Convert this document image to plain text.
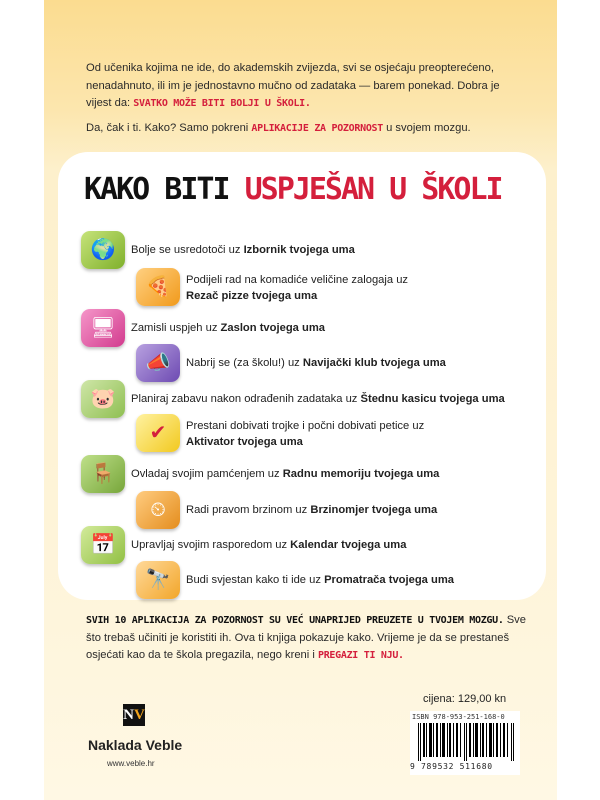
Od učenika kojima ne ide, do akademskih zvijezda, svi se osjećaju preopterećeno, nenadahnuto, ili im je jednostavno mučno od zadataka — barem ponekad. Dobra je vijest da: SVATKO MOŽE BITI BOLJI U ŠKOLI.

Da, čak i ti. Kako? Samo pokreni APLIKACIJE ZA POZORNOST u svojem mozgu.

KAKO BITI USPJEŠAN U ŠKOLI
🌍	Bolje se usredotoči uz Izbornik tvojega uma
🍕	Podijeli rad na komadiće veličine zalogaja uz
Rezač pizze tvojega uma
🖥	Zamisli uspjeh uz Zaslon tvojega uma
📣	Nabrij se (za školu!) uz Navijački klub tvojega uma
🐷	Planiraj zabavu nakon odrađenih zadataka uz Štednu kasicu tvojega uma
✔ Prestani dobivati trojke i počni dobivati petice uz
Aktivator tvojega uma
🪑	Ovladaj svojim pamćenjem uz Radnu memoriju tvojega uma
⏲	Radi pravom brzinom uz Brzinomjer tvojega uma
📅	Upravljaj svojim rasporedom uz Kalendar tvojega uma
🔭	Budi svjestan kako ti ide uz Promatrača tvojega uma
SVIH 10 APLIKACIJA ZA POZORNOST SU VEĆ UNAPRIJED PREUZETE U TVOJEM MOZGU. Sve što trebaš učiniti je koristiti ih. Ova ti knjiga pokazuje kako. Vrijeme je da se prestaneš osjećati kao da te škola pregazila, nego kreni i PREGAZI TI NJU.
cijena: 129,00 kn
ISBN 978-953-251-168-0
9 789532 511680
N V
Naklada Veble
www.veble.hr
